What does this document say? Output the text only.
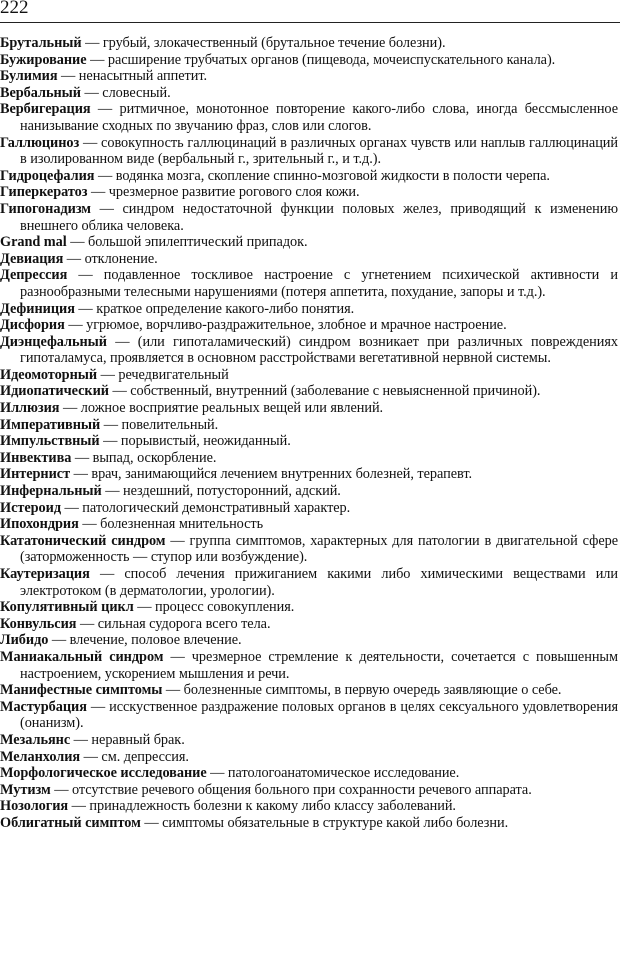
222

Брутальный — грубый, злокачественный (брутальное течение болезни).

Бужирование — расширение трубчатых органов (пищевода, мочеиспускательного канала).

Булимия — ненасытный аппетит.

Вербальный — словесный.

Вербигерация — ритмичное, монотонное повторение какого-либо слова, иногда бессмысленное нанизывание сходных по звучанию фраз, слов или слогов.

Галлюциноз — совокупность галлюцинаций в различных органах чувств или наплыв галлюцинаций в изолированном виде (вербальный г., зрительный г., и т.д.).

Гидроцефалия — водянка мозга, скопление спинно-мозговой жидкости в полости черепа.

Гиперкератоз — чрезмерное развитие рогового слоя кожи.

Гипогонадизм — синдром недостаточной функции половых желез, приводящий к изменению внешнего облика человека.

Grand mal — большой эпилептический припадок.

Девиация — отклонение.

Депрессия — подавленное тоскливое настроение с угнетением психической активности и разнообразными телесными нарушениями (потеря аппетита, похудание, запоры и т.д.).

Дефиниция — краткое определение какого-либо понятия.

Дисфория — угрюмое, ворчливо-раздражительное, злобное и мрачное настроение.

Диэнцефальный — (или гипоталамический) синдром возникает при различных повреждениях гипоталамуса, проявляется в основном расстройствами вегетативной нервной системы.

Идеомоторный — речедвигательный

Идиопатический — собственный, внутренний (заболевание с невыясненной причиной).

Иллюзия — ложное восприятие реальных вещей или явлений.

Императивный — повелительный.

Импульствный — порывистый, неожиданный.

Инвектива — выпад, оскорбление.

Интернист — врач, занимающийся лечением внутренних болезней, терапевт.

Инфернальный — нездешний, потусторонний, адский.

Истероид — патологический демонстративный характер.

Ипохондрия — болезненная мнительность

Кататонический синдром — группа симптомов, характерных для патологии в двигательной сфере (заторможенность — ступор или возбуждение).

Каутеризация — способ лечения прижиганием какими либо химическими веществами или электротоком (в дерматологии, урологии).

Копулятивный цикл — процесс совокупления.

Конвульсия — сильная судорога всего тела.

Либидо — влечение, половое влечение.

Маниакальный синдром — чрезмерное стремление к деятельности, сочетается с повышенным настроением, ускорением мышления и речи.

Манифестные симптомы — болезненные симптомы, в первую очередь заявляющие о себе.

Мастурбация — исскуственное раздражение половых органов в целях сексуального удовлетворения (онанизм).

Мезальянс — неравный брак.

Меланхолия — см. депрессия.

Морфологическое исследование — патологоанатомическое исследование.

Мутизм — отсутствие речевого общения больного при сохранности речевого аппарата.

Нозология — принадлежность болезни к какому либо классу заболеваний.

Облигатный симптом — симптомы обязательные в структуре какой либо болезни.
